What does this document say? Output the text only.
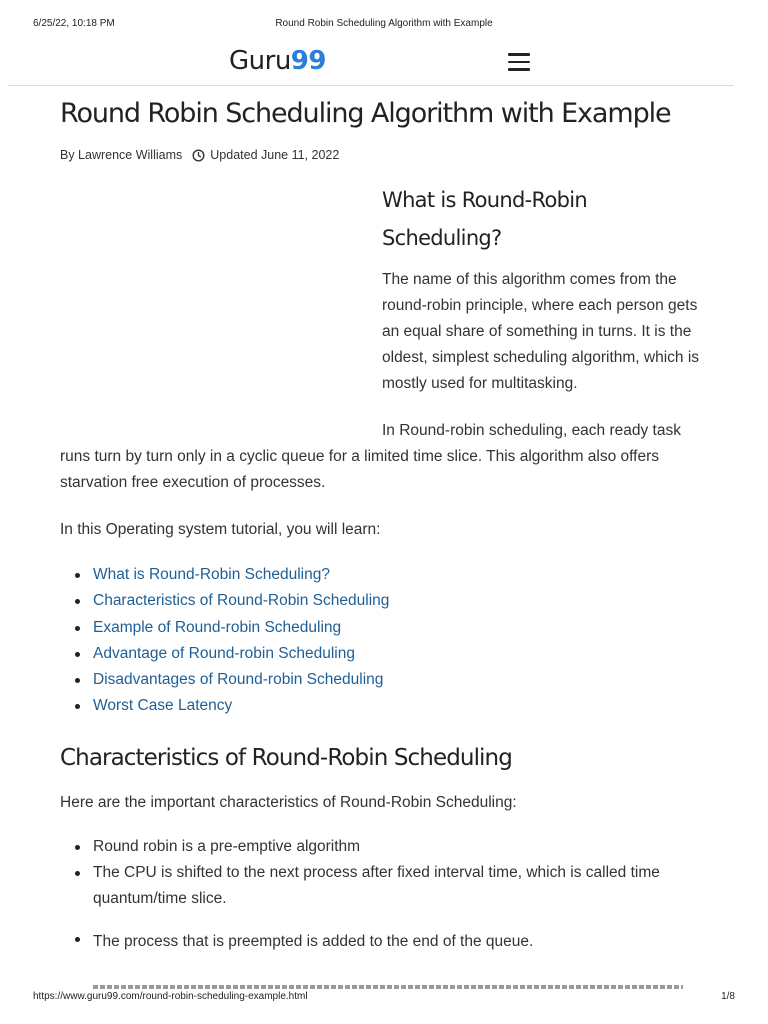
6/25/22, 10:18 PM	Round Robin Scheduling Algorithm with Example
Guru99
Round Robin Scheduling Algorithm with Example
By Lawrence Williams Updated June 11, 2022
What is Round-Robin Scheduling?

The name of this algorithm comes from the round-robin principle, where each person gets an equal share of something in turns. It is the oldest, simplest scheduling algorithm, which is mostly used for multitasking.

In Round-robin scheduling, each ready task runs turn by turn only in a cyclic queue for a limited time slice. This algorithm also offers starvation free execution of processes.

In this Operating system tutorial, you will learn:

What is Round-Robin Scheduling?
Characteristics of Round-Robin Scheduling
Example of Round-robin Scheduling
Advantage of Round-robin Scheduling
Disadvantages of Round-robin Scheduling
Worst Case Latency
Characteristics of Round-Robin Scheduling

Here are the important characteristics of Round-Robin Scheduling:

Round robin is a pre-emptive algorithm
The CPU is shifted to the next process after fixed interval time, which is called time quantum/time slice.
The process that is preempted is added to the end of the queue.
https://www.guru99.com/round-robin-scheduling-example.html	1/8
